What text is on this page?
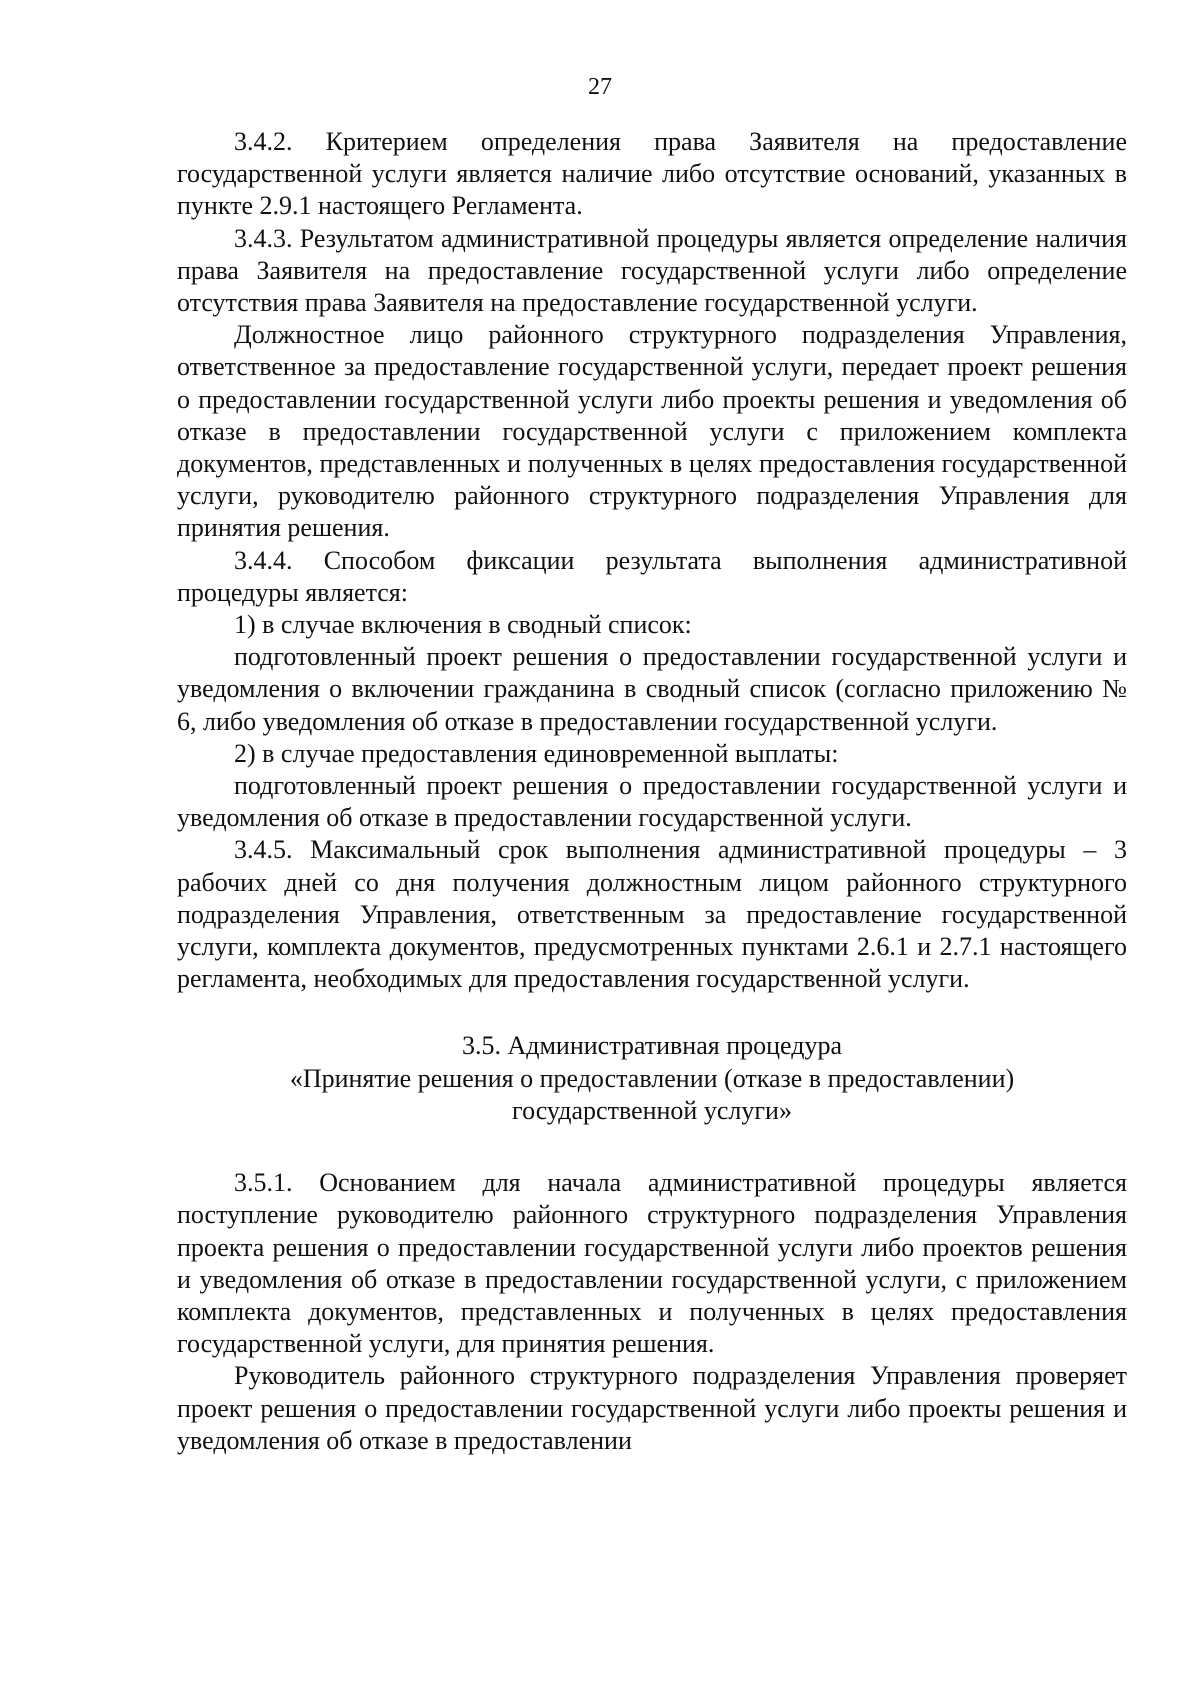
27

3.4.2. Критерием определения права Заявителя на предоставление государственной услуги является наличие либо отсутствие оснований, указанных в пункте 2.9.1 настоящего Регламента.

3.4.3. Результатом административной процедуры является определение наличия права Заявителя на предоставление государственной услуги либо определение отсутствия права Заявителя на предоставление государственной услуги.

Должностное лицо районного структурного подразделения Управления, ответственное за предоставление государственной услуги, передает проект решения о предоставлении государственной услуги либо проекты решения и уведомления об отказе в предоставлении государственной услуги с приложением комплекта документов, представленных и полученных в целях предоставления государственной услуги, руководителю районного структурного подразделения Управления для принятия решения.

3.4.4. Способом фиксации результата выполнения административной процедуры является:

1) в случае включения в сводный список:

подготовленный проект решения о предоставлении государственной услуги и уведомления о включении гражданина в сводный список (согласно приложению № 6, либо уведомления об отказе в предоставлении государственной услуги.

2) в случае предоставления единовременной выплаты:

подготовленный проект решения о предоставлении государственной услуги и уведомления об отказе в предоставлении государственной услуги.

3.4.5. Максимальный срок выполнения административной процедуры – 3 рабочих дней со дня получения должностным лицом районного структурного подразделения Управления, ответственным за предоставление государственной услуги, комплекта документов, предусмотренных пунктами 2.6.1 и 2.7.1 настоящего регламента, необходимых для предоставления государственной услуги.

3.5. Административная процедура
«Принятие решения о предоставлении (отказе в предоставлении)
государственной услуги»

3.5.1. Основанием для начала административной процедуры является поступление руководителю районного структурного подразделения Управления проекта решения о предоставлении государственной услуги либо проектов решения и уведомления об отказе в предоставлении государственной услуги, с приложением комплекта документов, представленных и полученных в целях предоставления государственной услуги, для принятия решения.

Руководитель районного структурного подразделения Управления проверяет проект решения о предоставлении государственной услуги либо проекты решения и уведомления об отказе в предоставлении
